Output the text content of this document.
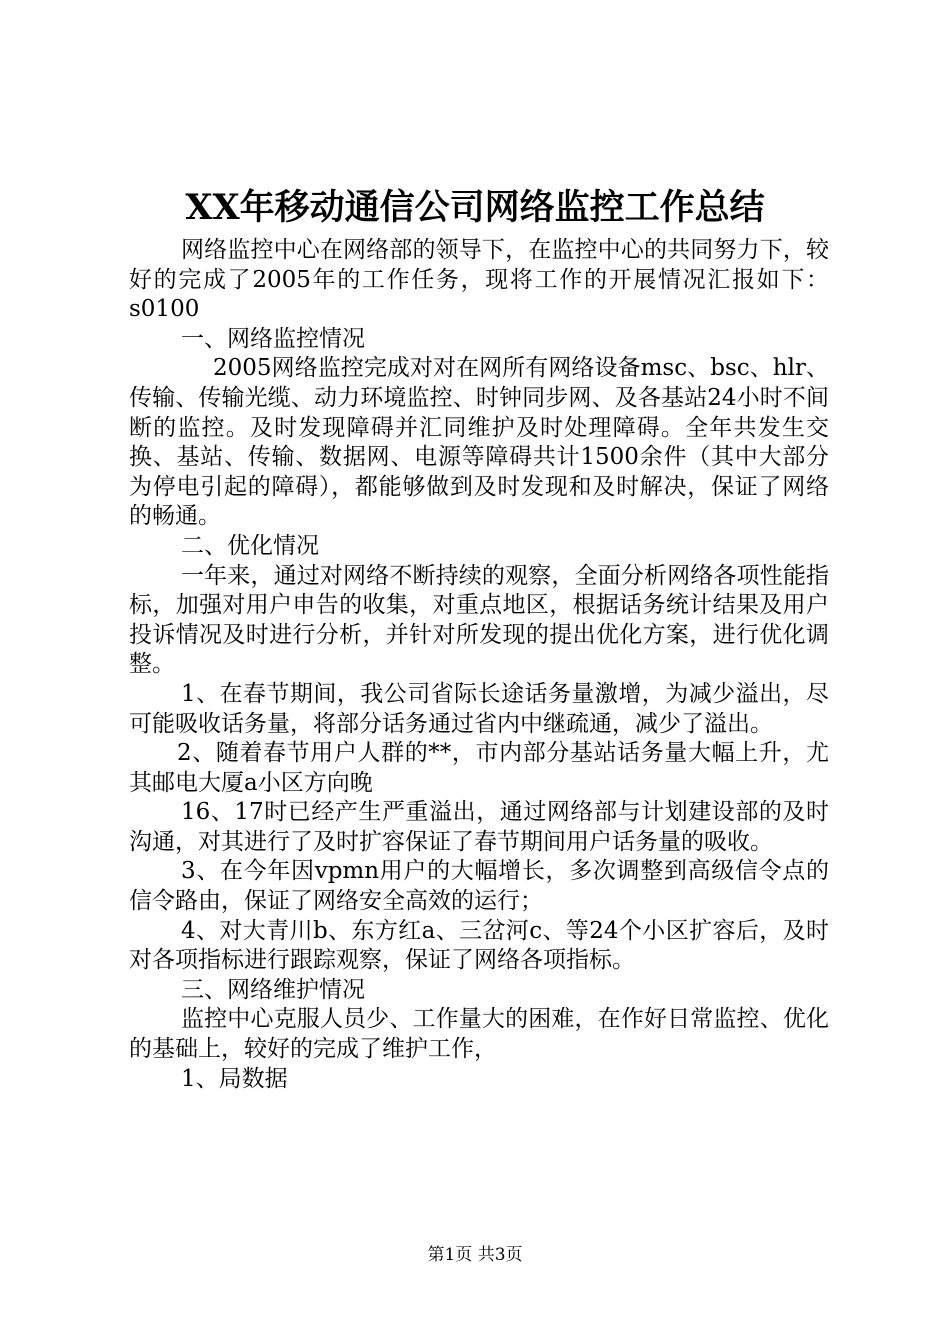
XX年移动通信公司网络监控工作总结

网络监控中心在网络部的领导下，在监控中心的共同努力下，较好的完成了2005年的工作任务，现将工作的开展情况汇报如下：s0100

一、网络监控情况

2005网络监控完成对对在网所有网络设备msc、bsc、hlr、传输、传输光缆、动力环境监控、时钟同步网、及各基站24小时不间断的监控。及时发现障碍并汇同维护及时处理障碍。全年共发生交换、基站、传输、数据网、电源等障碍共计1500余件（其中大部分为停电引起的障碍），都能够做到及时发现和及时解决，保证了网络的畅通。

二、优化情况

一年来，通过对网络不断持续的观察，全面分析网络各项性能指标，加强对用户申告的收集，对重点地区，根据话务统计结果及用户投诉情况及时进行分析，并针对所发现的提出优化方案，进行优化调整。

1、在春节期间，我公司省际长途话务量激增，为减少溢出，尽可能吸收话务量，将部分话务通过省内中继疏通，减少了溢出。

2、随着春节用户人群的**，市内部分基站话务量大幅上升，尤其邮电大厦a小区方向晚

16、17时已经产生严重溢出，通过网络部与计划建设部的及时沟通，对其进行了及时扩容保证了春节期间用户话务量的吸收。

3、在今年因vpmn用户的大幅增长，多次调整到高级信令点的信令路由，保证了网络安全高效的运行；

4、对大青川b、东方红a、三岔河c、等24个小区扩容后，及时对各项指标进行跟踪观察，保证了网络各项指标。

三、网络维护情况

监控中心克服人员少、工作量大的困难，在作好日常监控、优化的基础上，较好的完成了维护工作，

1、局数据

第1页 共3页
